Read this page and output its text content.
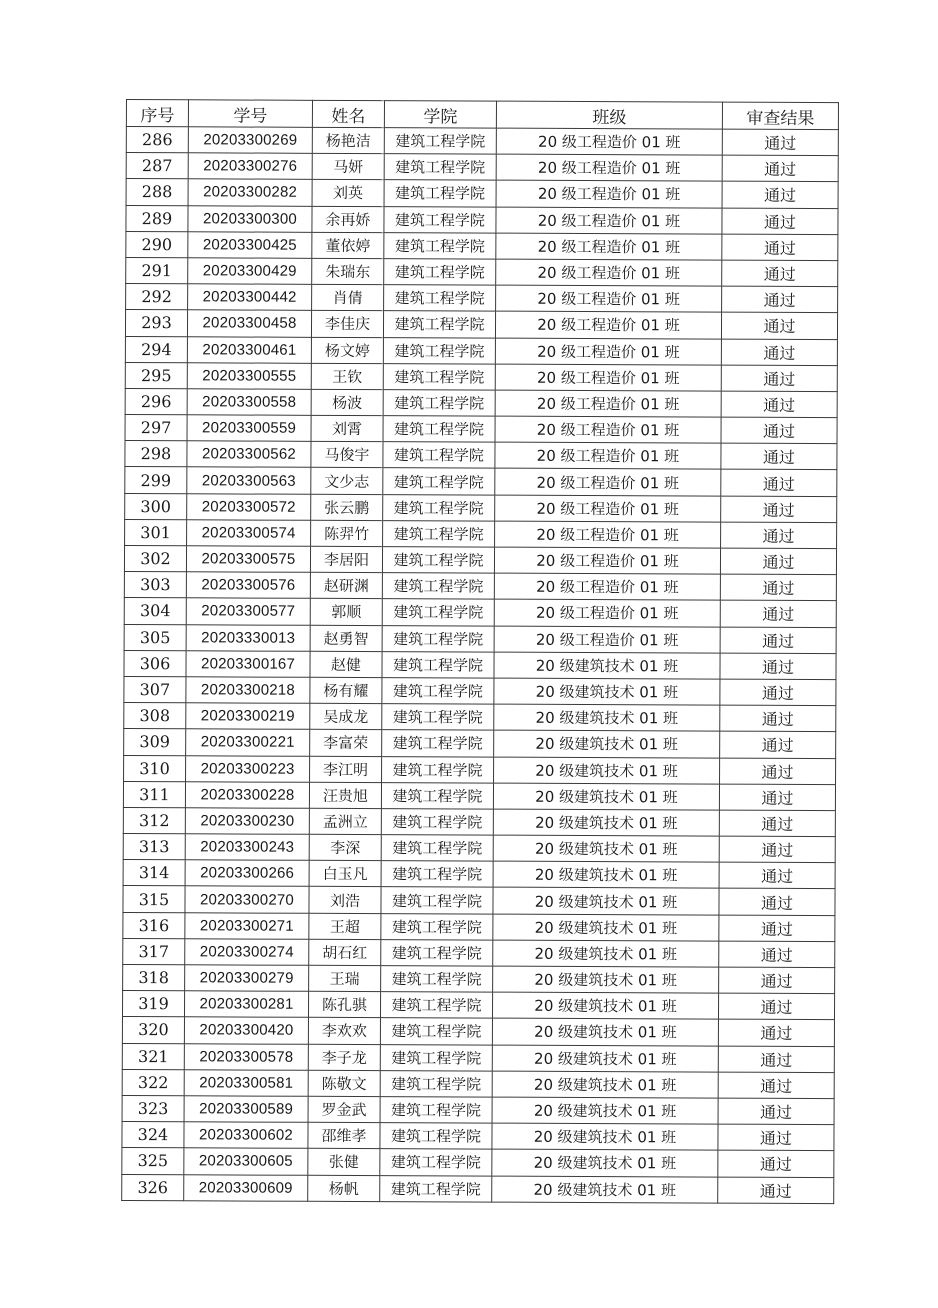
序号	学号	姓名	学院	班级	审查结果
286	20203300269	杨艳洁	建筑工程学院	20 级工程造价 01 班	通过
287	20203300276	马妍	建筑工程学院	20 级工程造价 01 班	通过
288	20203300282	刘英	建筑工程学院	20 级工程造价 01 班	通过
289	20203300300	余再娇	建筑工程学院	20 级工程造价 01 班	通过
290	20203300425	董依婷	建筑工程学院	20 级工程造价 01 班	通过
291	20203300429	朱瑞东	建筑工程学院	20 级工程造价 01 班	通过
292	20203300442	肖倩	建筑工程学院	20 级工程造价 01 班	通过
293	20203300458	李佳庆	建筑工程学院	20 级工程造价 01 班	通过
294	20203300461	杨文婷	建筑工程学院	20 级工程造价 01 班	通过
295	20203300555	王钦	建筑工程学院	20 级工程造价 01 班	通过
296	20203300558	杨波	建筑工程学院	20 级工程造价 01 班	通过
297	20203300559	刘霄	建筑工程学院	20 级工程造价 01 班	通过
298	20203300562	马俊宇	建筑工程学院	20 级工程造价 01 班	通过
299	20203300563	文少志	建筑工程学院	20 级工程造价 01 班	通过
300	20203300572	张云鹏	建筑工程学院	20 级工程造价 01 班	通过
301	20203300574	陈羿竹	建筑工程学院	20 级工程造价 01 班	通过
302	20203300575	李居阳	建筑工程学院	20 级工程造价 01 班	通过
303	20203300576	赵研渊	建筑工程学院	20 级工程造价 01 班	通过
304	20203300577	郭顺	建筑工程学院	20 级工程造价 01 班	通过
305	20203330013	赵勇智	建筑工程学院	20 级工程造价 01 班	通过
306	20203300167	赵健	建筑工程学院	20 级建筑技术 01 班	通过
307	20203300218	杨有耀	建筑工程学院	20 级建筑技术 01 班	通过
308	20203300219	吴成龙	建筑工程学院	20 级建筑技术 01 班	通过
309	20203300221	李富荣	建筑工程学院	20 级建筑技术 01 班	通过
310	20203300223	李江明	建筑工程学院	20 级建筑技术 01 班	通过
311	20203300228	汪贵旭	建筑工程学院	20 级建筑技术 01 班	通过
312	20203300230	孟洲立	建筑工程学院	20 级建筑技术 01 班	通过
313	20203300243	李深	建筑工程学院	20 级建筑技术 01 班	通过
314	20203300266	白玉凡	建筑工程学院	20 级建筑技术 01 班	通过
315	20203300270	刘浩	建筑工程学院	20 级建筑技术 01 班	通过
316	20203300271	王超	建筑工程学院	20 级建筑技术 01 班	通过
317	20203300274	胡石红	建筑工程学院	20 级建筑技术 01 班	通过
318	20203300279	王瑞	建筑工程学院	20 级建筑技术 01 班	通过
319	20203300281	陈孔骐	建筑工程学院	20 级建筑技术 01 班	通过
320	20203300420	李欢欢	建筑工程学院	20 级建筑技术 01 班	通过
321	20203300578	李子龙	建筑工程学院	20 级建筑技术 01 班	通过
322	20203300581	陈敬文	建筑工程学院	20 级建筑技术 01 班	通过
323	20203300589	罗金武	建筑工程学院	20 级建筑技术 01 班	通过
324	20203300602	邵维孝	建筑工程学院	20 级建筑技术 01 班	通过
325	20203300605	张健	建筑工程学院	20 级建筑技术 01 班	通过
326	20203300609	杨帆	建筑工程学院	20 级建筑技术 01 班	通过
